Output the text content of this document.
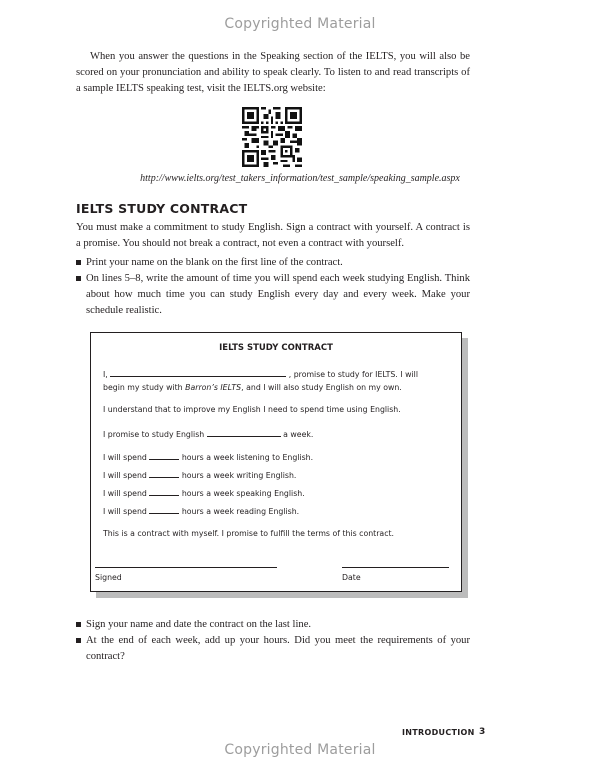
Copyrighted Material

When you answer the questions in the Speaking section of the IELTS, you will also be scored on your pronunciation and ability to speak clearly. To listen to and read transcripts of a sample IELTS speaking test, visit the IELTS.org website:

http://www.ielts.org/test_takers_information/test_sample/speaking_sample.aspx
IELTS STUDY CONTRACT

You must make a commitment to study English. Sign a contract with yourself. A contract is a promise. You should not break a contract, not even a contract with yourself.

Print your name on the blank on the first line of the contract.
On lines 5–8, write the amount of time you will spend each week studying English. Think about how much time you can study English every day and every week. Make your schedule realistic.
IELTS STUDY CONTRACT
I,	, promise to study for IELTS. I will
begin my study with Barron’s IELTS, and I will also study English on my own.
I understand that to improve my English I need to spend time using English.
I promise to study English	a week.
I will spend	hours a week listening to English.
I will spend	hours a week writing English.
I will spend	hours a week speaking English.
I will spend	hours a week reading English.
This is a contract with myself. I promise to fulfill the terms of this contract.
Signed	Date
Sign your name and date the contract on the last line.
At the end of each week, add up your hours. Did you meet the requirements of your contract?
INTRODUCTION 3
Copyrighted Material
